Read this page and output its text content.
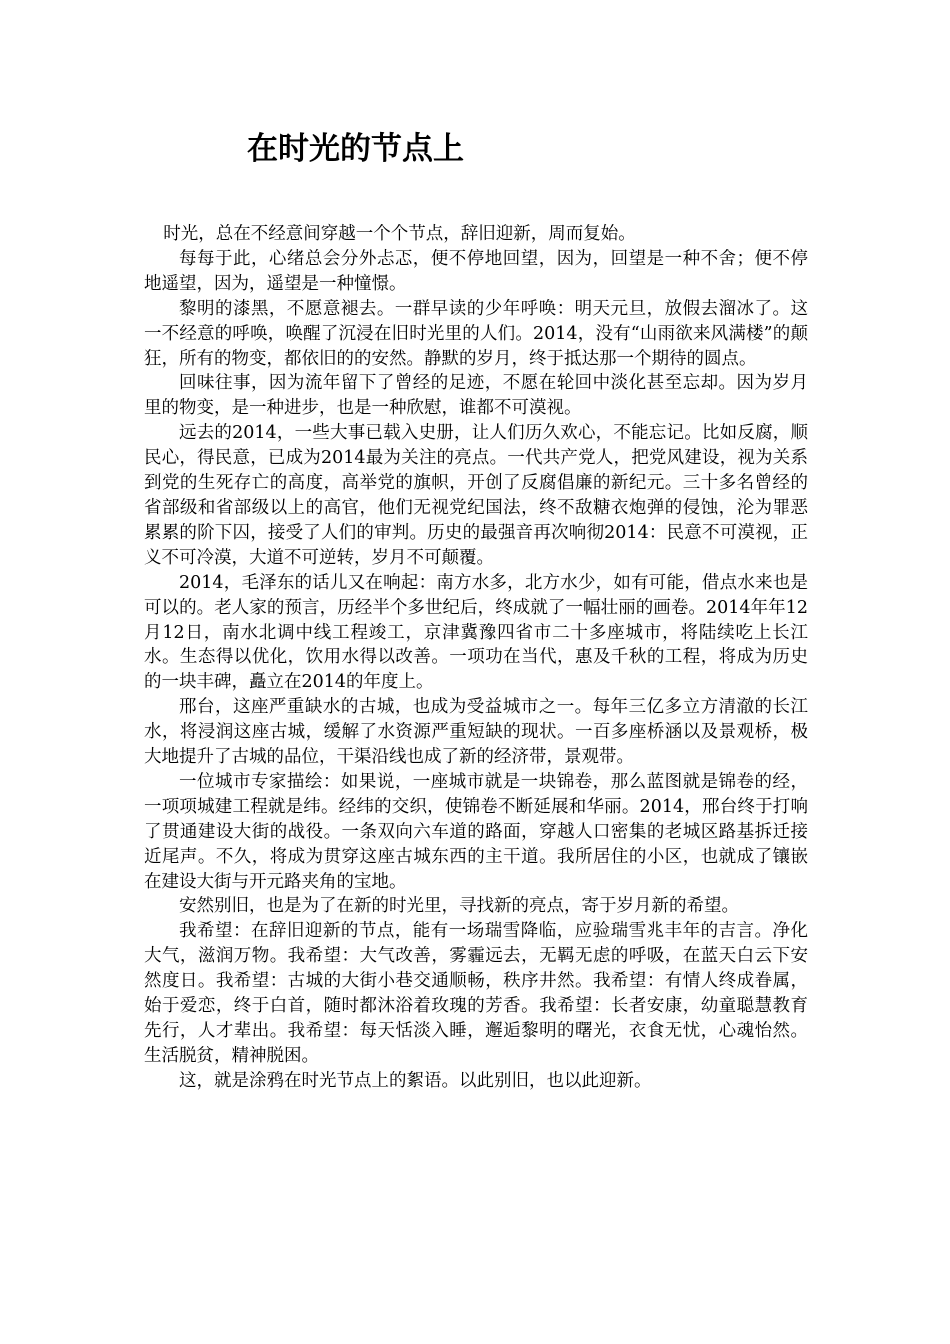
在时光的节点上

时光，总在不经意间穿越一个个节点，辞旧迎新，周而复始。

每每于此，心绪总会分外忐忑，便不停地回望，因为，回望是一种不舍；便不停地遥望，因为，遥望是一种憧憬。

黎明的漆黑，不愿意褪去。一群早读的少年呼唤：明天元旦，放假去溜冰了。这一不经意的呼唤，唤醒了沉浸在旧时光里的人们。2014，没有“山雨欲来风满楼”的颠狂，所有的物变，都依旧的的安然。静默的岁月，终于抵达那一个期待的圆点。

回味往事，因为流年留下了曾经的足迹，不愿在轮回中淡化甚至忘却。因为岁月里的物变，是一种进步，也是一种欣慰，谁都不可漠视。

远去的2014，一些大事已载入史册，让人们历久欢心，不能忘记。比如反腐，顺民心，得民意，已成为2014最为关注的亮点。一代共产党人，把党风建设，视为关系到党的生死存亡的高度，高举党的旗帜，开创了反腐倡廉的新纪元。三十多名曾经的省部级和省部级以上的高官，他们无视党纪国法，终不敌糖衣炮弹的侵蚀，沦为罪恶累累的阶下囚，接受了人们的审判。历史的最强音再次响彻2014：民意不可漠视，正义不可冷漠，大道不可逆转，岁月不可颠覆。

2014，毛泽东的话儿又在响起：南方水多，北方水少，如有可能，借点水来也是可以的。老人家的预言，历经半个多世纪后，终成就了一幅壮丽的画卷。2014年年12月12日，南水北调中线工程竣工，京津冀豫四省市二十多座城市，将陆续吃上长江水。生态得以优化，饮用水得以改善。一项功在当代，惠及千秋的工程，将成为历史的一块丰碑，矗立在2014的年度上。

邢台，这座严重缺水的古城，也成为受益城市之一。每年三亿多立方清澈的长江水，将浸润这座古城，缓解了水资源严重短缺的现状。一百多座桥涵以及景观桥，极大地提升了古城的品位，干渠沿线也成了新的经济带，景观带。

一位城市专家描绘：如果说，一座城市就是一块锦卷，那么蓝图就是锦卷的经，一项项城建工程就是纬。经纬的交织，使锦卷不断延展和华丽。2014，邢台终于打响了贯通建设大街的战役。一条双向六车道的路面，穿越人口密集的老城区路基拆迁接近尾声。不久，将成为贯穿这座古城东西的主干道。我所居住的小区，也就成了镶嵌在建设大街与开元路夹角的宝地。

安然别旧，也是为了在新的时光里，寻找新的亮点，寄于岁月新的希望。

我希望：在辞旧迎新的节点，能有一场瑞雪降临，应验瑞雪兆丰年的吉言。净化大气，滋润万物。我希望：大气改善，雾霾远去，无羁无虑的呼吸，在蓝天白云下安然度日。我希望：古城的大街小巷交通顺畅，秩序井然。我希望：有情人终成眷属，始于爱恋，终于白首，随时都沐浴着玫瑰的芳香。我希望：长者安康，幼童聪慧教育先行，人才辈出。我希望：每天恬淡入睡，邂逅黎明的曙光，衣食无忧，心魂怡然。生活脱贫，精神脱困。

这，就是涂鸦在时光节点上的絮语。以此别旧，也以此迎新。
